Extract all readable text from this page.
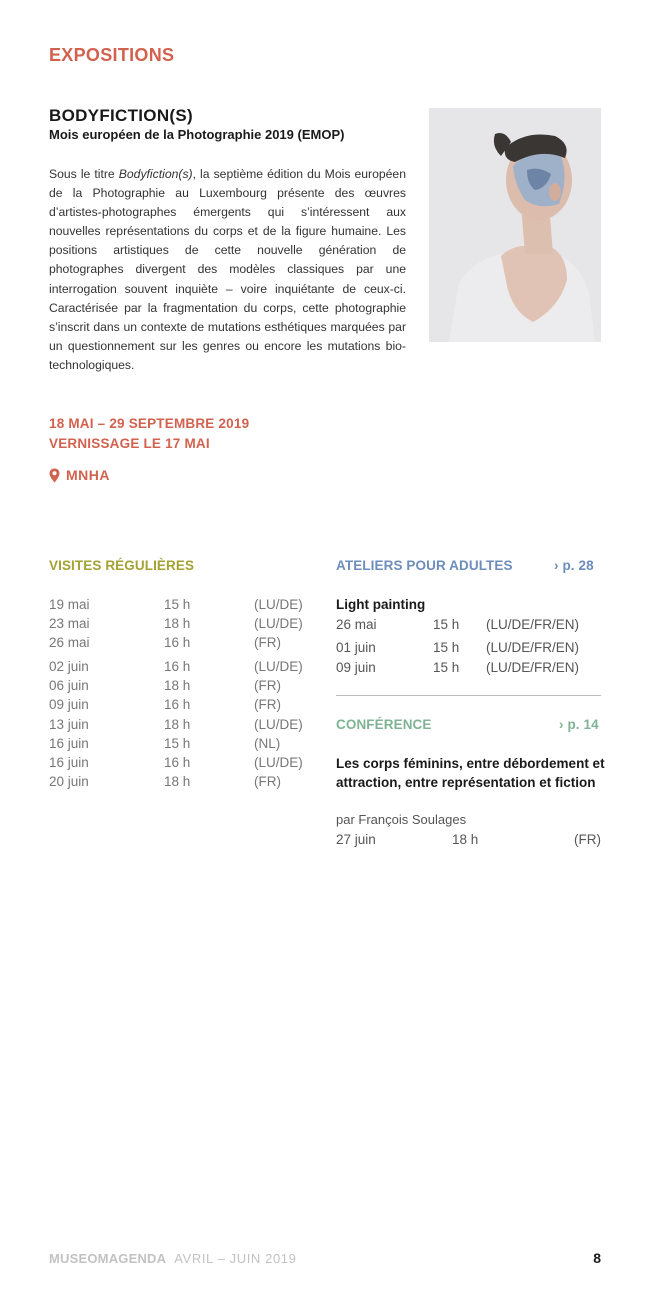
EXPOSITIONS
BODYFICTION(S)
Mois européen de la Photographie 2019 (EMOP)
Sous le titre Bodyfiction(s), la septième édition du Mois européen de la Photographie au Luxembourg présente des œuvres d’artistes-photographes émergents qui s’intéressent aux nouvelles représentations du corps et de la figure humaine. Les positions artistiques de cette nouvelle génération de photographes divergent des modèles classiques par une interrogation souvent inquiète – voire inquiétante de ceux-ci. Caractérisée par la fragmentation du corps, cette photographie s’inscrit dans un contexte de mutations esthétiques marquées par un questionnement sur les genres ou encore les mutations bio-technologiques.
18 MAI – 29 SEPTEMBRE 2019
VERNISSAGE LE 17 MAI
MNHA
VISITES RÉGULIÈRES
19 mai	15 h	(LU/DE)
23 mai	18 h	(LU/DE)
26 mai	16 h	(FR)
02 juin	16 h	(LU/DE)
06 juin	18 h	(FR)
09 juin	16 h	(FR)
13 juin	18 h	(LU/DE)
16 juin	15 h	(NL)
16 juin	16 h	(LU/DE)
20 juin	18 h	(FR)
ATELIERS POUR ADULTES	› p. 28
Light painting
26 mai	15 h (LU/DE/FR/EN)
01 juin	15 h (LU/DE/FR/EN)
09 juin	15 h (LU/DE/FR/EN)
CONFÉRENCE	› p. 14
Les corps féminins, entre débordement et attraction, entre représentation et fiction
par François Soulages
27 juin	18 h	(FR)
MUSEOMAGENDA AVRIL – JUIN 2019	8
